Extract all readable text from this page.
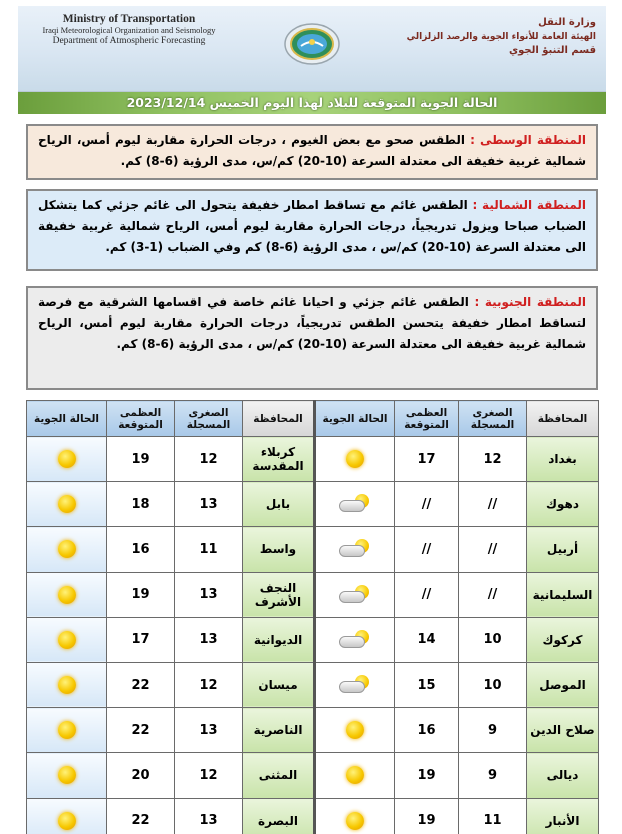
Ministry of Transportation
Iraqi Meteorological Organization and Seismology
Department of Atmospheric Forecasting
وزارة النقل
الهيئة العامة للأنواء الجوية والرصد الزلزالي
قسم التنبؤ الجوي
الحالة الجوية المتوقعة للبلاد لهذا اليوم الخميس 2023/12/14
المنطقة الوسطى : الطقس صحو مع بعض الغيوم ، درجات الحرارة مقاربة ليوم أمس، الرياح شمالية غربية خفيفة الى معتدلة السرعة (10-20) كم/س، مدى الرؤية (6-8) كم.
المنطقة الشمالية : الطقس غائم مع تساقط امطار خفيفة يتحول الى غائم جزئي كما يتشكل الضباب صباحا ويزول تدريجياً، درجات الحرارة مقاربة ليوم أمس، الرياح شمالية غربية خفيفة الى معتدلة السرعة (10-20) كم/س ، مدى الرؤية (6-8) كم وفي الضباب (1-3) كم.
المنطقة الجنوبية : الطقس غائم جزئي و احيانا غائم خاصة في اقسامها الشرقية مع فرصة لتساقط امطار خفيفة يتحسن الطقس تدريجياً، درجات الحرارة مقاربة ليوم أمس، الرياح شمالية غربية خفيفة الى معتدلة السرعة (10-20) كم/س ، مدى الرؤية (6-8) كم.
المحافظة	الصغرى المسجلة	العظمى المتوقعة	الحالة الجوية	المحافظة	الصغرى المسجلة	العظمى المتوقعة	الحالة الجوية
بغداد	12	17		كربلاء المقدسة	12	19	
دهوك	//	//		بابل	13	18	
أربيل	//	//		واسط	11	16	
السليمانية	//	//		النجف الأشرف	13	19	
كركوك	10	14		الديوانية	13	17	
الموصل	10	15		ميسان	12	22	
صلاح الدين	9	16		الناصرية	13	22	
ديالى	9	19		المثنى	12	20	
الأنبار	11	19		البصرة	13	22	
